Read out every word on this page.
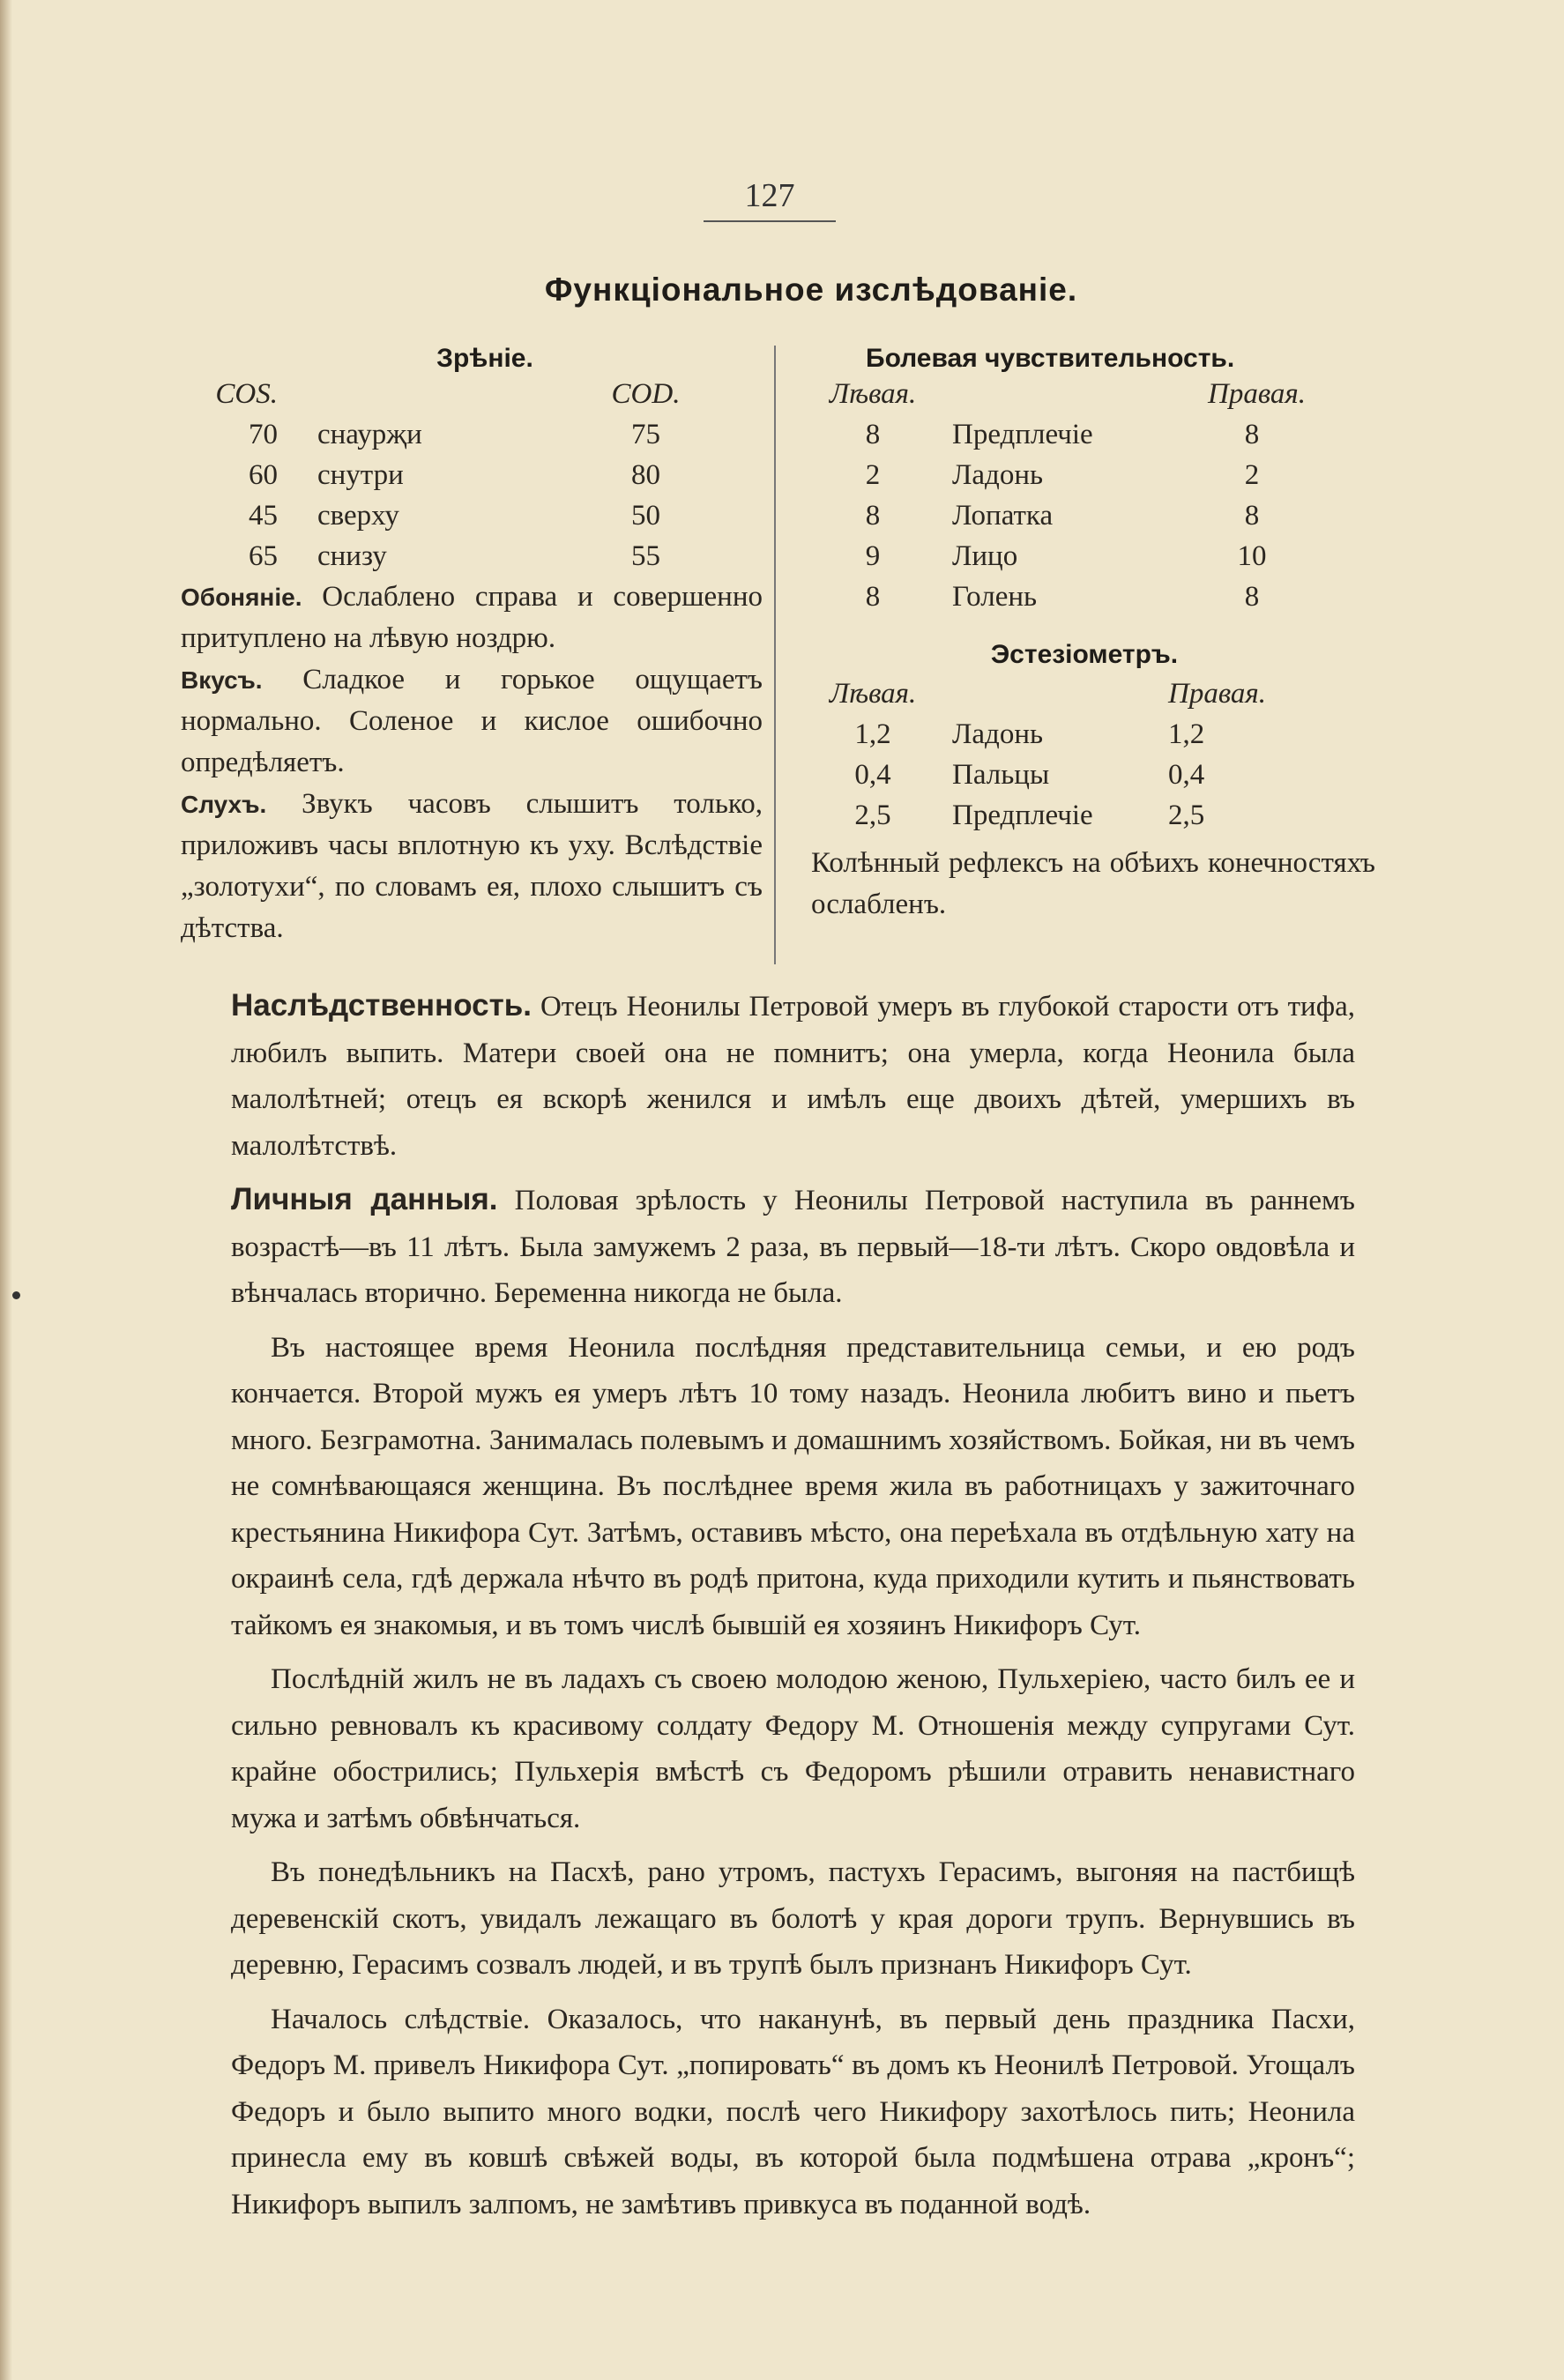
127
Функціональное изслѣдованіе.
Зрѣніе.
COS.	COD.
70	снаурҗи	75
60	снутри	80
45	сверху	50
65	снизу	55

Обоняніе. Ослаблено справа и совершенно притуплено на лѣвую ноздрю.

Вкусъ. Сладкое и горькое ощущаетъ нормально. Соленое и кислое ошибочно опредѣляетъ.

Слухъ. Звукъ часовъ слышитъ только, приложивъ часы вплотную къ уху. Вслѣдствіе „золотухи“, по словамъ ея, плохо слышитъ съ дѣтства.

Болевая чувствительность.
Лѣвая.	Правая.
8	Предплечіе	8
2	Ладонь	2
8	Лопатка	8
9	Лицо	10
8	Голень	8
Эстезіометръ.
Лѣвая.	Правая.
1,2	Ладонь	1,2
0,4	Пальцы	0,4
2,5	Предплечіе	2,5

Колѣнный рефлексъ на обѣихъ конечностяхъ ослабленъ.

Наслѣдственность. Отецъ Неонилы Петровой умеръ въ глубокой старости отъ тифа, любилъ выпить. Матери своей она не помнитъ; она умерла, когда Неонила была малолѣтней; отецъ ея вскорѣ женился и имѣлъ еще двоихъ дѣтей, умершихъ въ малолѣтствѣ.

Личныя данныя. Половая зрѣлость у Неонилы Петровой наступила въ раннемъ возрастѣ—въ 11 лѣтъ. Была замужемъ 2 раза, въ первый—18-ти лѣтъ. Скоро овдовѣла и вѣнчалась вторично. Беременна никогда не была.

Въ настоящее время Неонила послѣдняя представительница семьи, и ею родъ кончается. Второй мужъ ея умеръ лѣтъ 10 тому назадъ. Неонила любитъ вино и пьетъ много. Безграмотна. Занималась полевымъ и домашнимъ хозяйствомъ. Бойкая, ни въ чемъ не сомнѣвающаяся женщина. Въ послѣднее время жила въ работницахъ у зажиточнаго крестьянина Никифора Сут. Затѣмъ, оставивъ мѣсто, она переѣхала въ отдѣльную хату на окраинѣ села, гдѣ держала нѣчто въ родѣ притона, куда приходили кутить и пьянствовать тайкомъ ея знакомыя, и въ томъ числѣ бывшій ея хозяинъ Никифоръ Сут.

Послѣдній жилъ не въ ладахъ съ своею молодою женою, Пульхеріею, часто билъ ее и сильно ревновалъ къ красивому солдату Федору М. Отношенія между супругами Сут. крайне обострились; Пульхерія вмѣстѣ съ Федоромъ рѣшили отравить ненавистнаго мужа и затѣмъ обвѣнчаться.

Въ понедѣльникъ на Пасхѣ, рано утромъ, пастухъ Герасимъ, выгоняя на пастбищѣ деревенскій скотъ, увидалъ лежащаго въ болотѣ у края дороги трупъ. Вернувшись въ деревню, Герасимъ созвалъ людей, и въ трупѣ былъ признанъ Никифоръ Сут.

Началось слѣдствіе. Оказалось, что наканунѣ, въ первый день праздника Пасхи, Федоръ М. привелъ Никифора Сут. „попировать“ въ домъ къ Неонилѣ Петровой. Угощалъ Федоръ и было выпито много водки, послѣ чего Никифору захотѣлось пить; Неонила принесла ему въ ковшѣ свѣжей воды, въ которой была подмѣшена отрава „кронъ“; Никифоръ выпилъ залпомъ, не замѣтивъ привкуса въ поданной водѣ.
